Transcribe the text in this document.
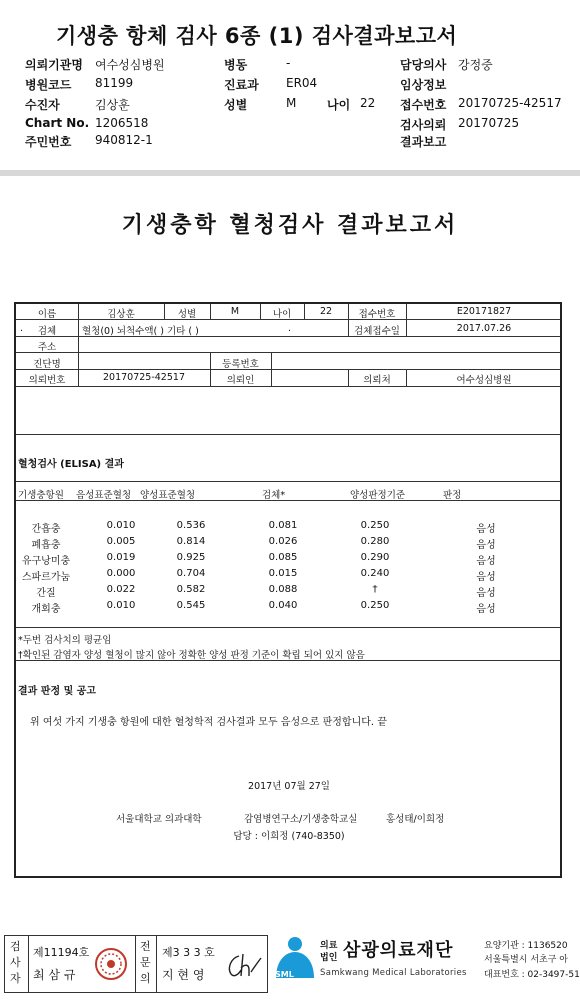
기생충 항체 검사 6종 (1) 검사결과보고서
의뢰기관명 여수성심병원
병원코드 81199
수진자	김상훈
Chart No. 1206518
주민번호 940812-1
병동	-
진료과 ER04
성별	M	나이 22
담당의사 강정중
임상정보
접수번호 20170725-42517
검사의뢰 20170725
결과보고
기생충학 혈청검사 결과보고서
이름	김상훈	성별	M	나이	22	접수번호	E20171827
.	검체	혈청(0) 뇌척수액( ) 기타 ( )	.	검체접수일	2017.07.26
주소
진단명	등록번호
의뢰번호	20170725-42517	의뢰인	의뢰처	여수성심병원
혈청검사 (ELISA) 결과
기생충항원 음성표준혈청 양성표준혈청	검체*	양성판정기준	판정
간흡충	0.010	0.536	0.081	0.250	음성
폐흡충	0.005	0.814	0.026	0.280	음성
유구낭미충	0.019	0.925	0.085	0.290	음성
스파르가눔	0.000	0.704	0.015	0.240	음성
간질	0.022	0.582	0.088	†	음성
개회충	0.010	0.545	0.040	0.250	음성
*두번 검사치의 평균임
†확인된 감염자 양성 혈청이 많지 않아 정확한 양성 판정 기준이 확립 되어 있지 않음
결과 판정 및 공고
위 여섯 가지 기생충 항원에 대한 혈청학적 검사결과 모두 음성으로 판정합니다. 끝
2017년 07월 27일
서울대학교 의과대학	감염병연구소/기생충학교실	홍성태/이희정
담당 : 이희정 (740-8350)
검사자
제11194호
최 삼 규
전문의
제3 3 3 호
지 현 영	SML
의료법인 삼광의료재단
Samkwang Medical Laboratories
요양기관 : 1136520
서울특별시 서초구 아
대표번호 : 02-3497-51
